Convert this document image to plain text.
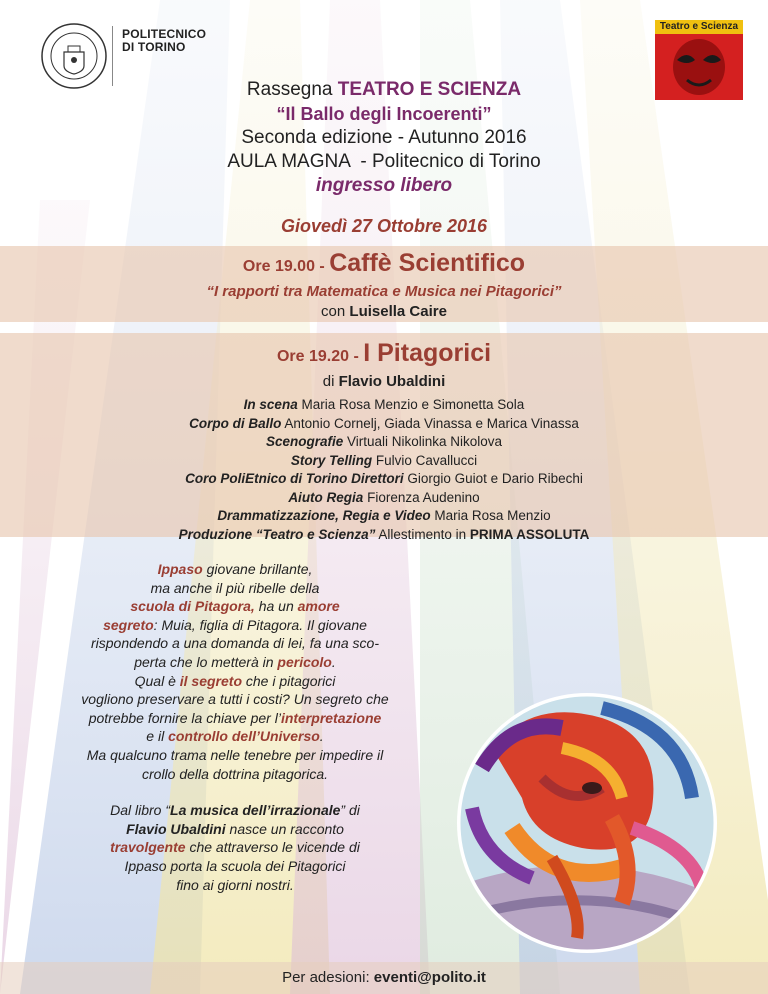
POLITECNICO
DI TORINO
Teatro e Scienza
Rassegna TEATRO E SCIENZA
“Il Ballo degli Incoerenti”
Seconda edizione - Autunno 2016
AULA MAGNA  - Politecnico di Torino
ingresso libero
Giovedì 27 Ottobre 2016
Ore 19.00 - Caffè Scientifico
“I rapporti tra Matematica e Musica nei Pitagorici”
con Luisella Caire
Ore 19.20 - I Pitagorici
di Flavio Ubaldini
In scena Maria Rosa Menzio e Simonetta Sola
Corpo di Ballo Antonio Cornelj, Giada Vinassa e Marica Vinassa
Scenografie Virtuali Nikolinka Nikolova
Story Telling Fulvio Cavallucci
Coro PoliEtnico di Torino Direttori Giorgio Guiot e Dario Ribechi
Aiuto Regia Fiorenza Audenino
Drammatizzazione, Regia e Video Maria Rosa Menzio
Produzione “Teatro e Scienza” Allestimento in PRIMA ASSOLUTA
Ippaso giovane brillante,
ma anche il più ribelle della
scuola di Pitagora, ha un amore
segreto: Muia, figlia di Pitagora. Il giovane
rispondendo a una domanda di lei, fa una sco-
perta che lo metterà in pericolo.
Qual è il segreto che i pitagorici
vogliono preservare a tutti i costi? Un segreto che
potrebbe fornire la chiave per l’interpretazione
e il controllo dell’Universo.
Ma qualcuno trama nelle tenebre per impedire il
crollo della dottrina pitagorica.
Dal libro “La musica dell’irrazionale” di
Flavio Ubaldini nasce un racconto
travolgente che attraverso le vicende di
Ippaso porta la scuola dei Pitagorici
fino ai giorni nostri.
Per adesioni: eventi@polito.it
